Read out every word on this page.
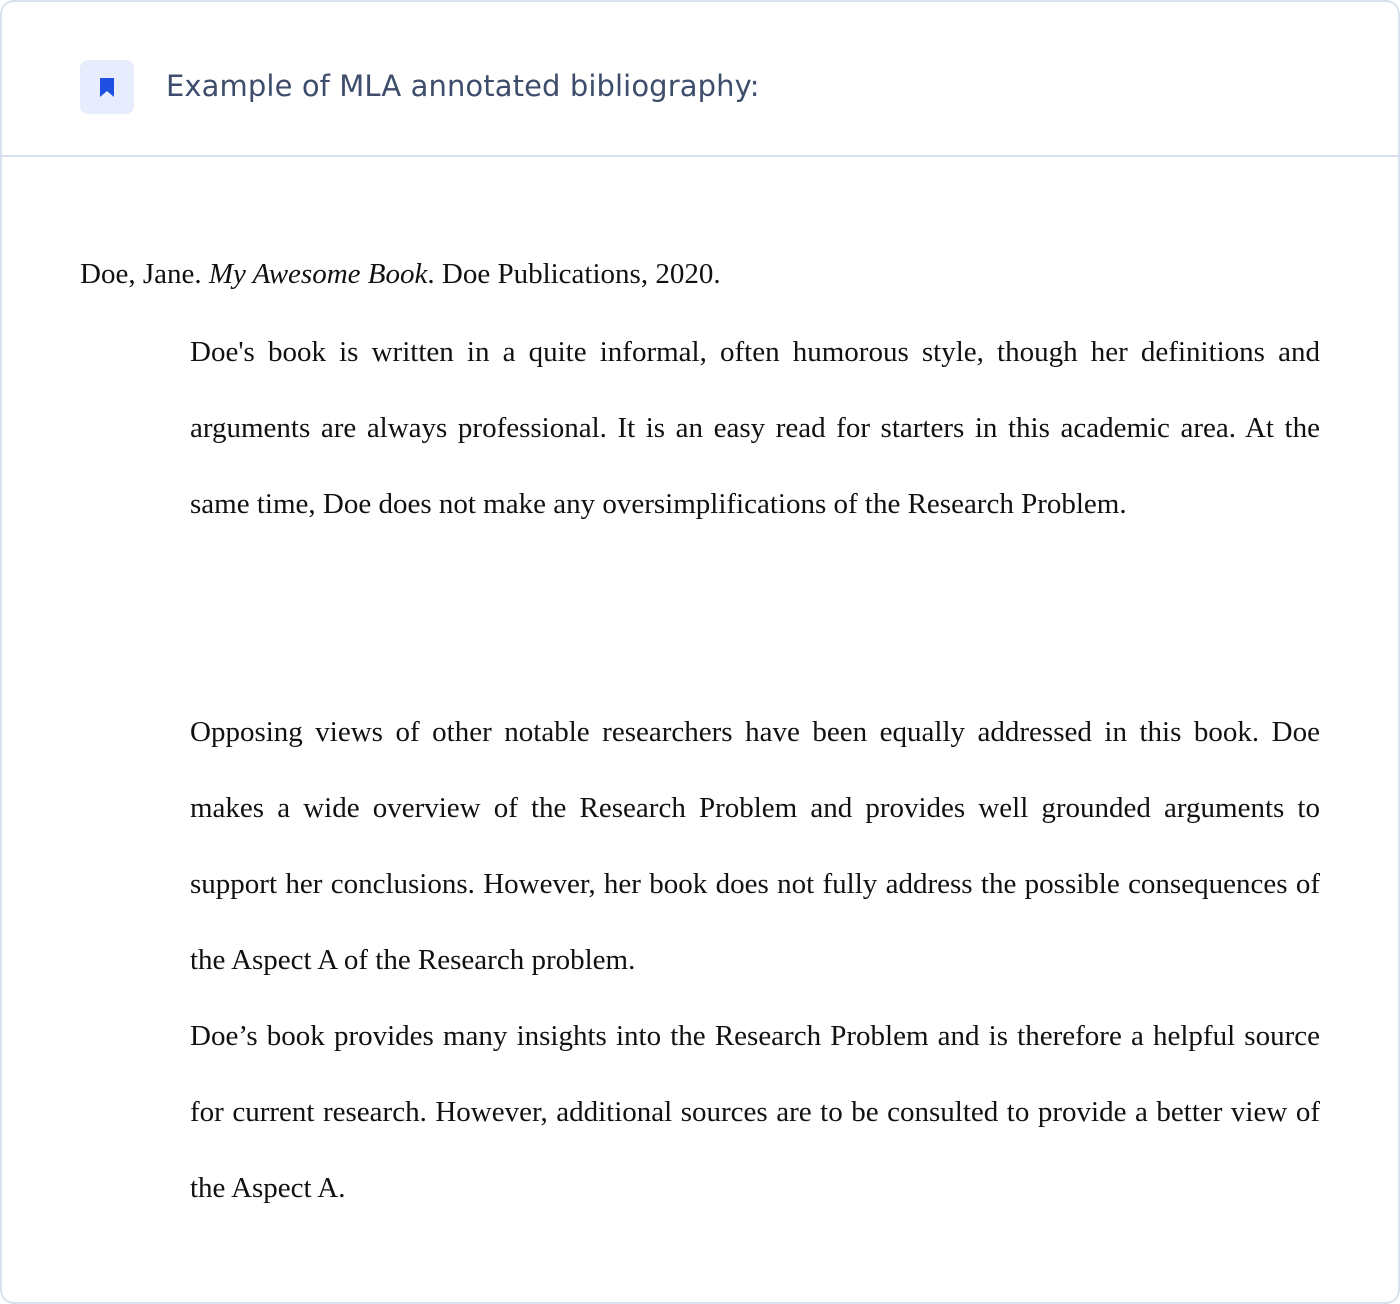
Example of MLA annotated bibliography:
Doe, Jane. My Awesome Book. Doe Publications, 2020.

Doe's book is written in a quite informal, often humorous style, though her definitions and arguments are always professional. It is an easy read for starters in this academic area. At the same time, Doe does not make any oversimplifications of the Research Problem.

Opposing views of other notable researchers have been equally addressed in this book. Doe makes a wide overview of the Research Problem and provides well grounded arguments to support her conclusions. However, her book does not fully address the possible consequences of the Aspect A of the Research problem.

Doe’s book provides many insights into the Research Problem and is therefore a helpful source for current research. However, additional sources are to be consulted to provide a better view of the Aspect A.
